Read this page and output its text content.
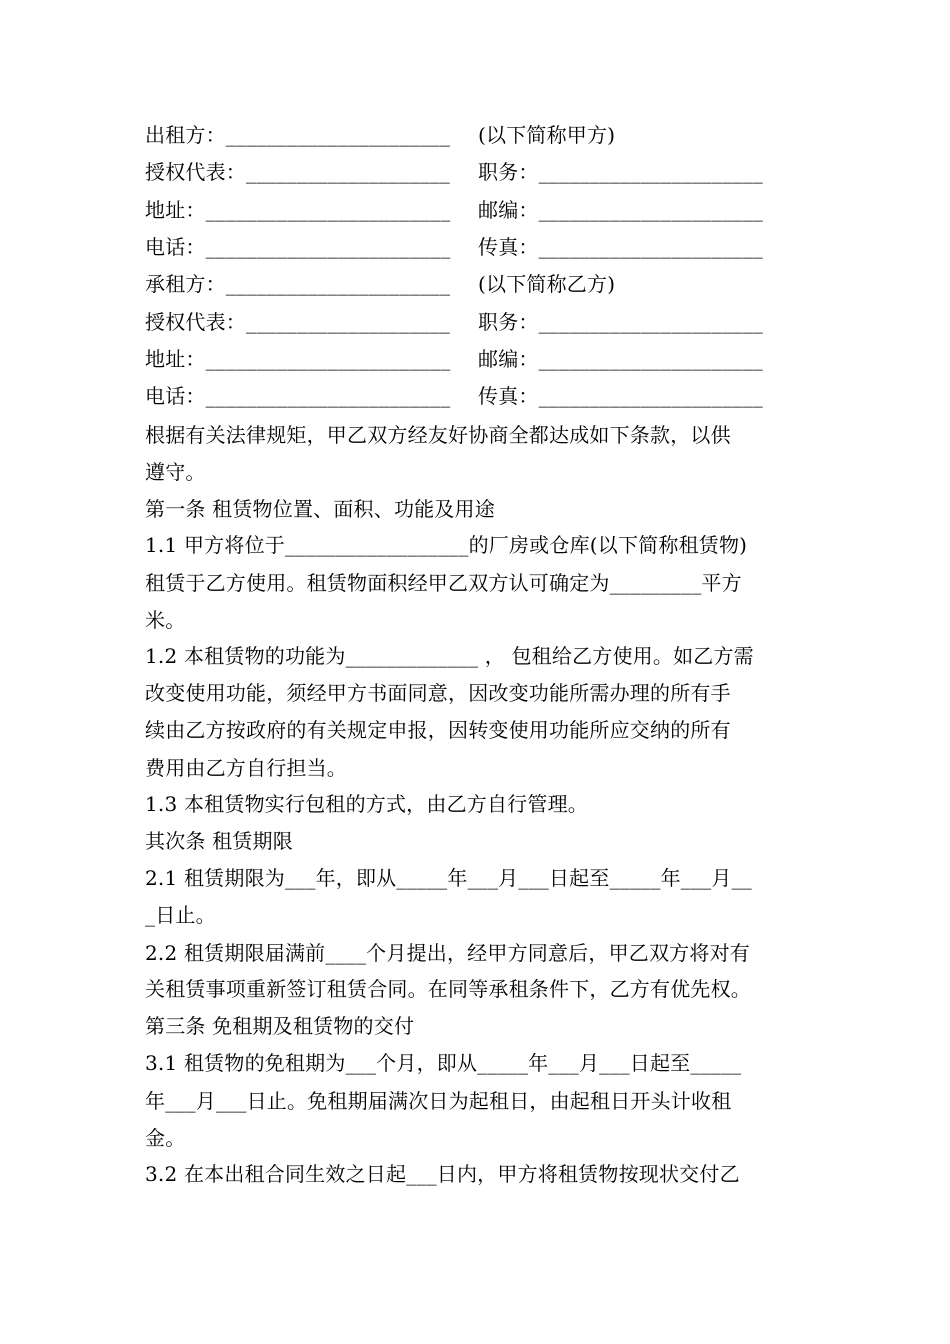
出租方：______________________ (以下简称甲方)
授权代表：____________________ 职务：______________________
地址：________________________ 邮编：______________________
电话：________________________ 传真：______________________
承租方：______________________ (以下简称乙方)
授权代表：____________________ 职务：______________________
地址：________________________ 邮编：______________________
电话：________________________ 传真：______________________
根据有关法律规矩，甲乙双方经友好协商全都达成如下条款，以供
遵守。
第一条 租赁物位置、面积、功能及用途
1.1 甲方将位于__________________的厂房或仓库(以下简称租赁物)
租赁于乙方使用。租赁物面积经甲乙双方认可确定为_________平方
米。
1.2 本租赁物的功能为_____________ ， 包租给乙方使用。如乙方需
改变使用功能，须经甲方书面同意，因改变功能所需办理的所有手
续由乙方按政府的有关规定申报，因转变使用功能所应交纳的所有
费用由乙方自行担当。
1.3 本租赁物实行包租的方式，由乙方自行管理。
其次条 租赁期限
2.1 租赁期限为___年，即从_____年___月___日起至_____年___月__
_日止。
2.2 租赁期限届满前____个月提出，经甲方同意后，甲乙双方将对有
关租赁事项重新签订租赁合同。在同等承租条件下，乙方有优先权。
第三条 免租期及租赁物的交付
3.1 租赁物的免租期为___个月，即从_____年___月___日起至_____
年___月___日止。免租期届满次日为起租日，由起租日开头计收租
金。
3.2 在本出租合同生效之日起___日内，甲方将租赁物按现状交付乙
